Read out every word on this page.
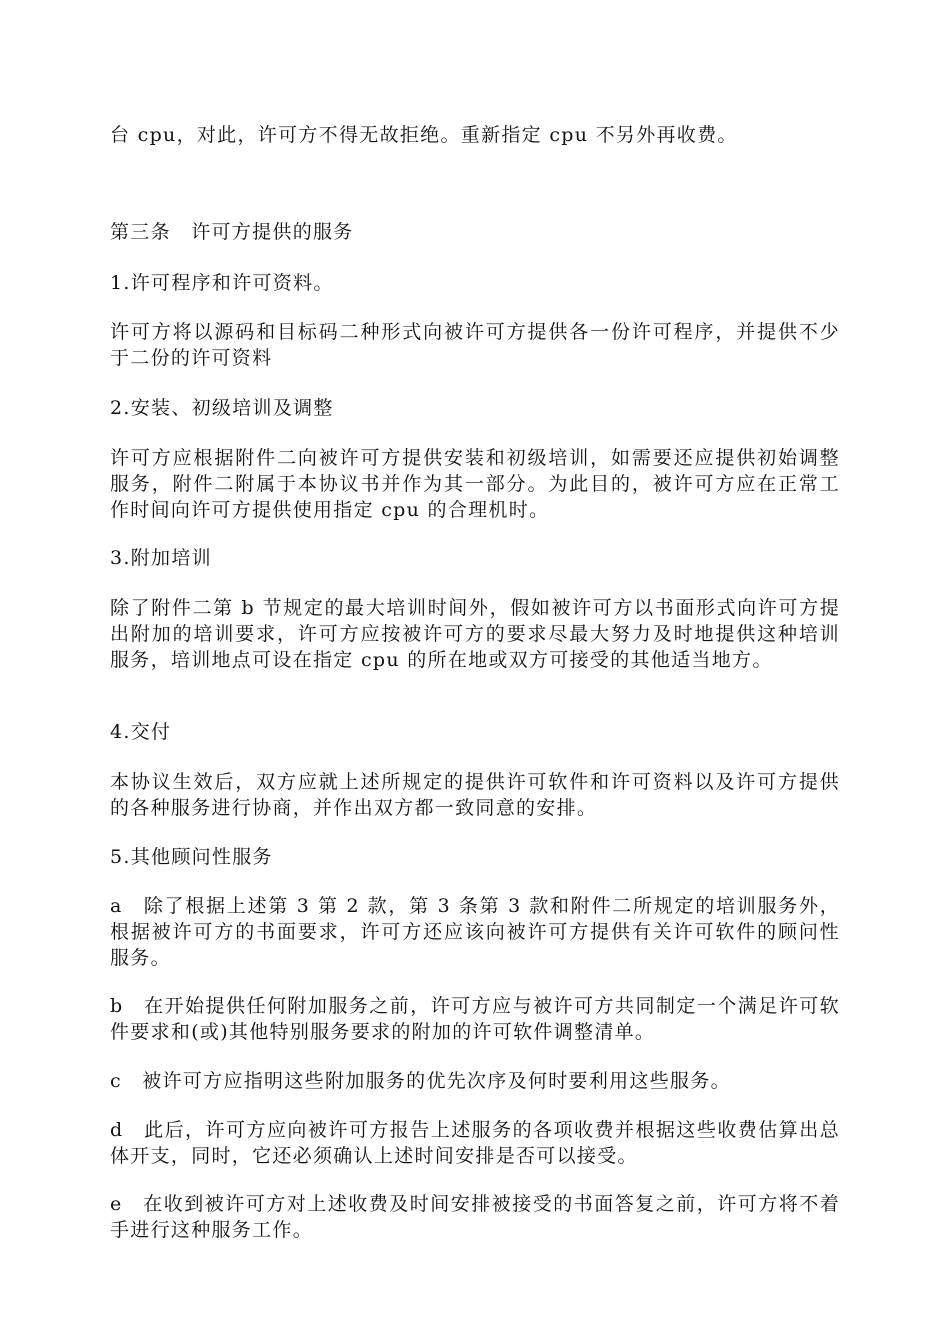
台 cpu，对此，许可方不得无故拒绝。重新指定 cpu 不另外再收费。

第三条　许可方提供的服务

1.许可程序和许可资料。

许可方将以源码和目标码二种形式向被许可方提供各一份许可程序，并提供不少于二份的许可资料

2.安装、初级培训及调整

许可方应根据附件二向被许可方提供安装和初级培训，如需要还应提供初始调整服务，附件二附属于本协议书并作为其一部分。为此目的，被许可方应在正常工作时间向许可方提供使用指定 cpu 的合理机时。

3.附加培训

除了附件二第 b 节规定的最大培训时间外，假如被许可方以书面形式向许可方提出附加的培训要求，许可方应按被许可方的要求尽最大努力及时地提供这种培训服务，培训地点可设在指定 cpu 的所在地或双方可接受的其他适当地方。

4.交付

本协议生效后，双方应就上述所规定的提供许可软件和许可资料以及许可方提供的各种服务进行协商，并作出双方都一致同意的安排。

5.其他顾问性服务

a　除了根据上述第 3 第 2 款，第 3 条第 3 款和附件二所规定的培训服务外，根据被许可方的书面要求，许可方还应该向被许可方提供有关许可软件的顾问性服务。

b　在开始提供任何附加服务之前，许可方应与被许可方共同制定一个满足许可软件要求和(或)其他特别服务要求的附加的许可软件调整清单。

c　被许可方应指明这些附加服务的优先次序及何时要利用这些服务。

d　此后，许可方应向被许可方报告上述服务的各项收费并根据这些收费估算出总体开支，同时，它还必须确认上述时间安排是否可以接受。

e　在收到被许可方对上述收费及时间安排被接受的书面答复之前，许可方将不着手进行这种服务工作。
